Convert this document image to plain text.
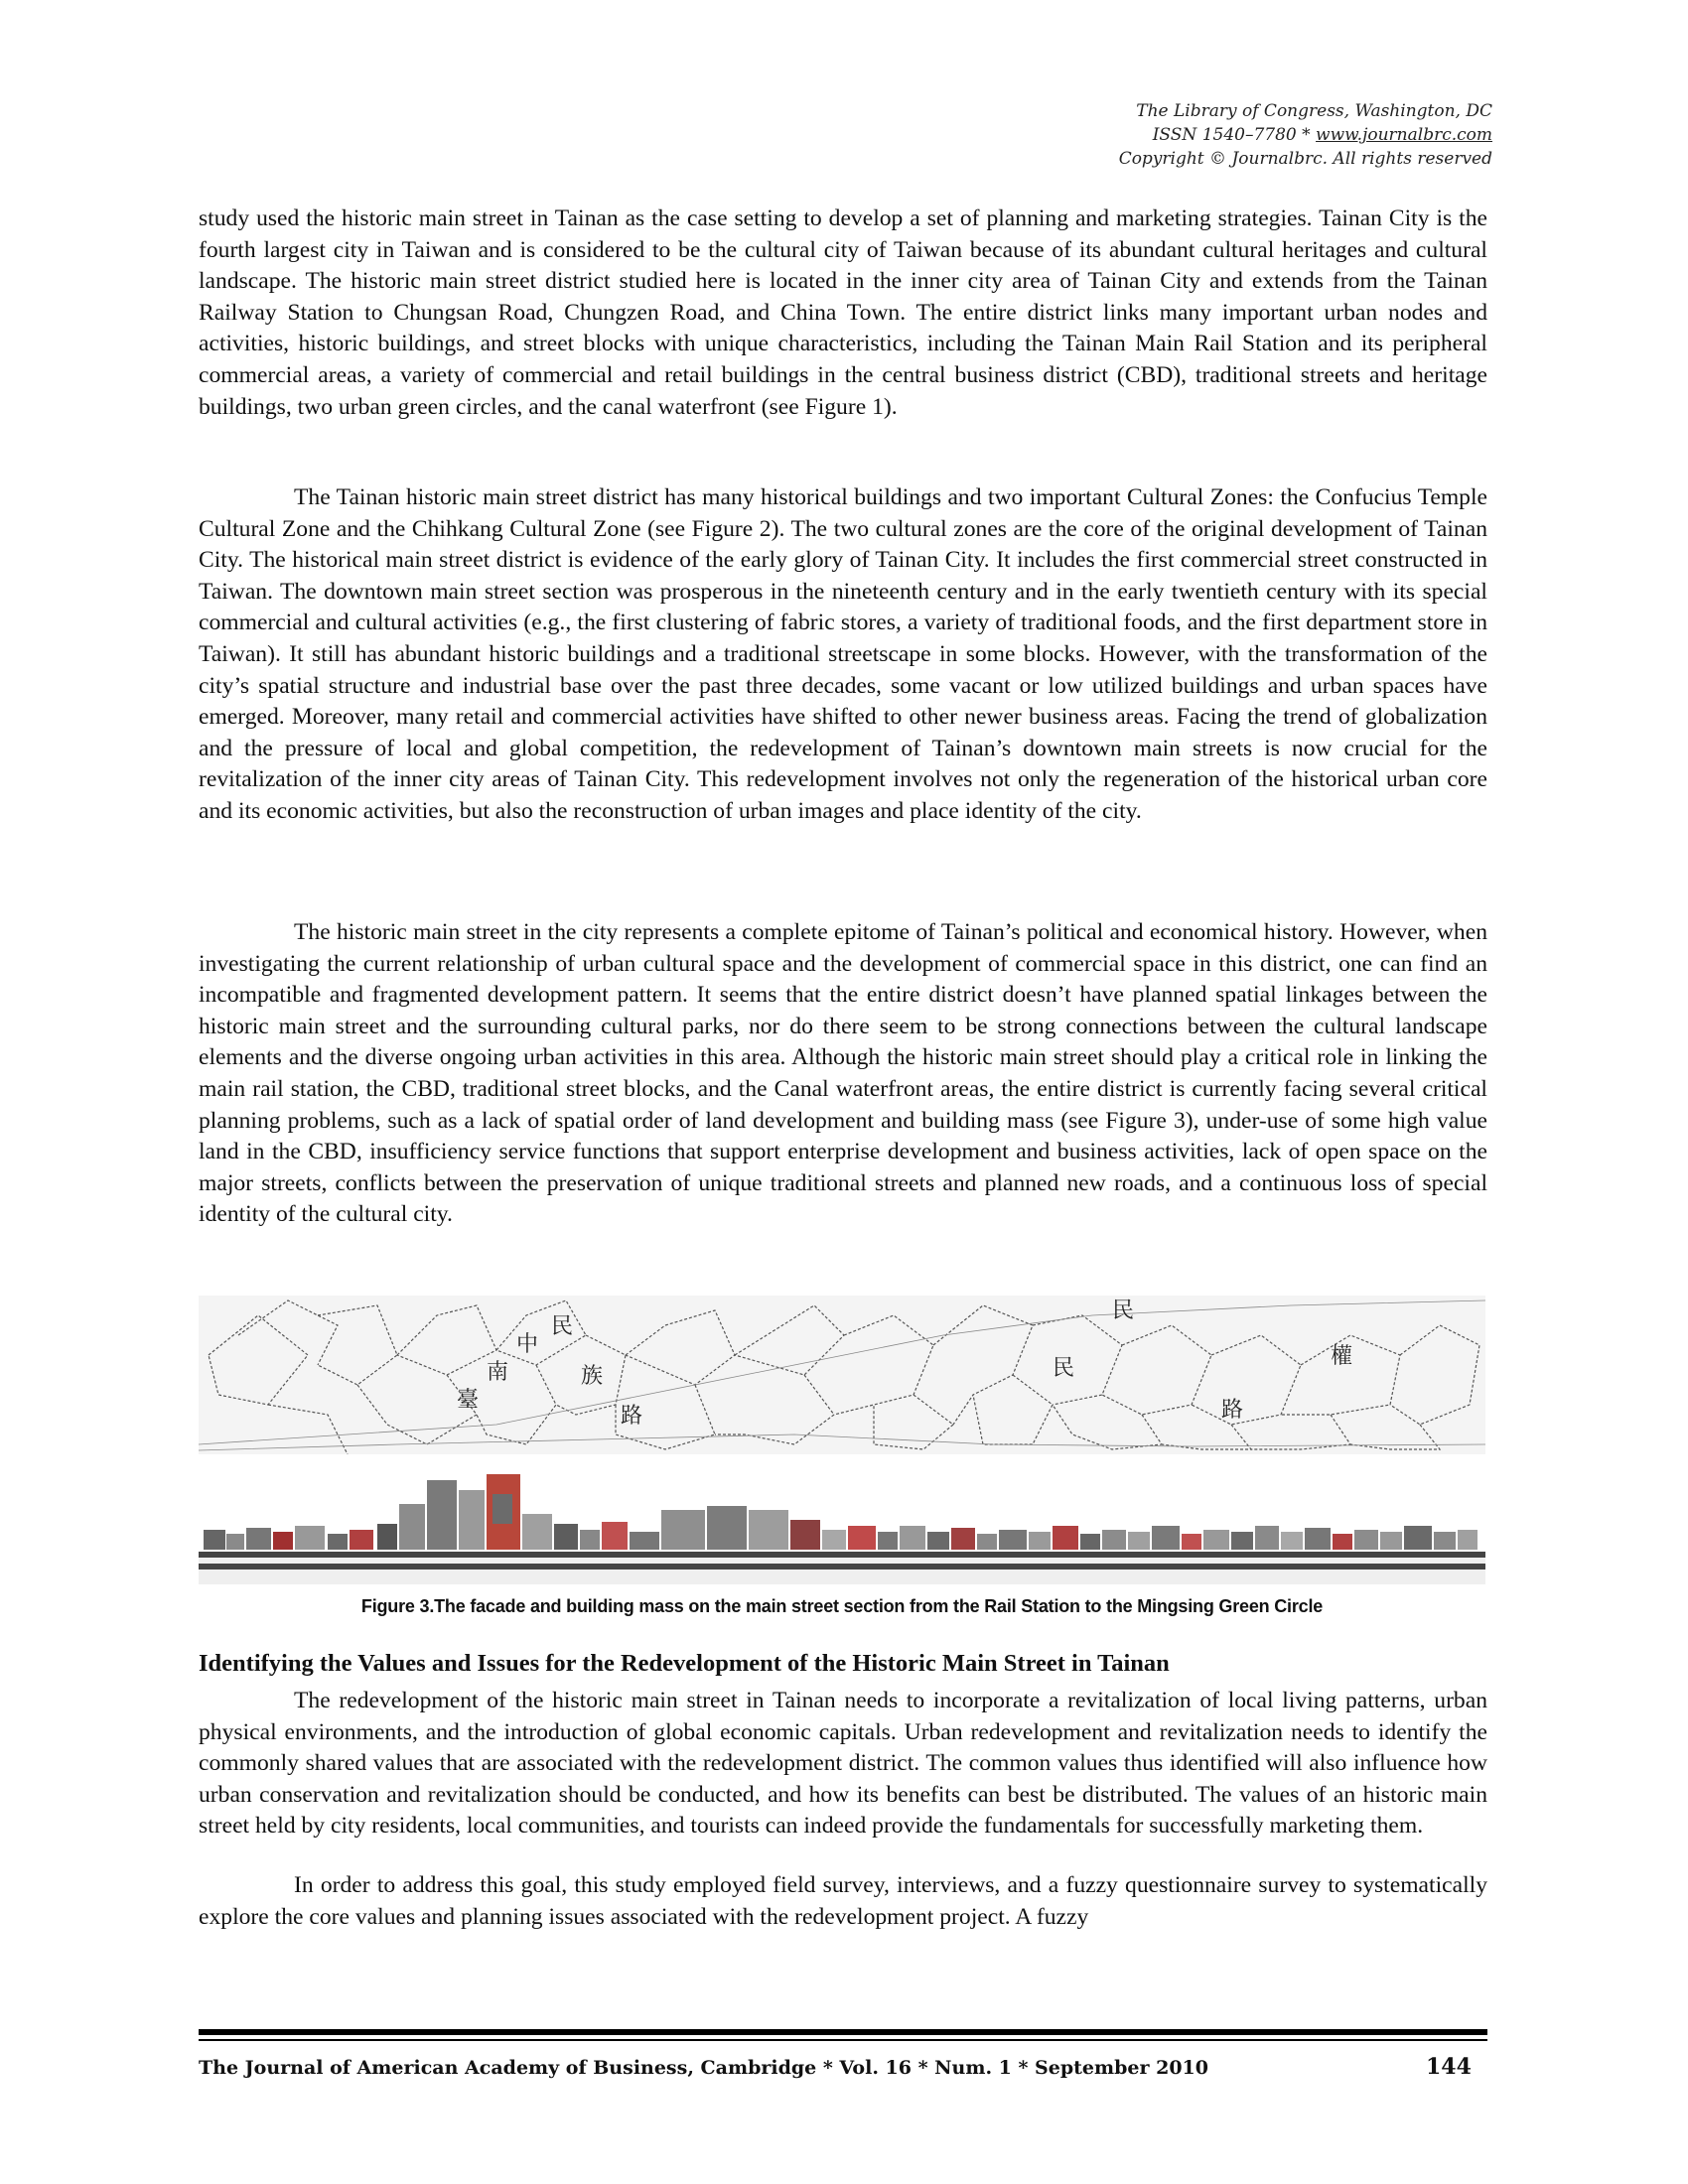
The Library of Congress, Washington, DC
ISSN 1540–7780 * www.journalbrc.com
Copyright © Journalbrc. All rights reserved

study used the historic main street in Tainan as the case setting to develop a set of planning and marketing strategies. Tainan City is the fourth largest city in Taiwan and is considered to be the cultural city of Taiwan because of its abundant cultural heritages and cultural landscape. The historic main street district studied here is located in the inner city area of Tainan City and extends from the Tainan Railway Station to Chungsan Road, Chungzen Road, and China Town. The entire district links many important urban nodes and activities, historic buildings, and street blocks with unique characteristics, including the Tainan Main Rail Station and its peripheral commercial areas, a variety of commercial and retail buildings in the central business district (CBD), traditional streets and heritage buildings, two urban green circles, and the canal waterfront (see Figure 1).

The Tainan historic main street district has many historical buildings and two important Cultural Zones: the Confucius Temple Cultural Zone and the Chihkang Cultural Zone (see Figure 2). The two cultural zones are the core of the original development of Tainan City. The historical main street district is evidence of the early glory of Tainan City. It includes the first commercial street constructed in Taiwan. The downtown main street section was prosperous in the nineteenth century and in the early twentieth century with its special commercial and cultural activities (e.g., the first clustering of fabric stores, a variety of traditional foods, and the first department store in Taiwan). It still has abundant historic buildings and a traditional streetscape in some blocks. However, with the transformation of the city’s spatial structure and industrial base over the past three decades, some vacant or low utilized buildings and urban spaces have emerged. Moreover, many retail and commercial activities have shifted to other newer business areas. Facing the trend of globalization and the pressure of local and global competition, the redevelopment of Tainan’s downtown main streets is now crucial for the revitalization of the inner city areas of Tainan City. This redevelopment involves not only the regeneration of the historical urban core and its economic activities, but also the reconstruction of urban images and place identity of the city.

The historic main street in the city represents a complete epitome of Tainan’s political and economical history. However, when investigating the current relationship of urban cultural space and the development of commercial space in this district, one can find an incompatible and fragmented development pattern. It seems that the entire district doesn’t have planned spatial linkages between the historic main street and the surrounding cultural parks, nor do there seem to be strong connections between the cultural landscape elements and the diverse ongoing urban activities in this area. Although the historic main street should play a critical role in linking the main rail station, the CBD, traditional street blocks, and the Canal waterfront areas, the entire district is currently facing several critical planning problems, such as a lack of spatial order of land development and building mass (see Figure 3), under-use of some high value land in the CBD, insufficiency service functions that support enterprise development and business activities, lack of open space on the major streets, conflicts between the preservation of unique traditional streets and planned new roads, and a continuous loss of special identity of the cultural city.

臺
南
中
民
族
路
民
權
民
路
Figure 3.The facade and building mass on the main street section from the Rail Station to the Mingsing Green Circle
Identifying the Values and Issues for the Redevelopment of the Historic Main Street in Tainan

The redevelopment of the historic main street in Tainan needs to incorporate a revitalization of local living patterns, urban physical environments, and the introduction of global economic capitals. Urban redevelopment and revitalization needs to identify the commonly shared values that are associated with the redevelopment district. The common values thus identified will also influence how urban conservation and revitalization should be conducted, and how its benefits can best be distributed. The values of an historic main street held by city residents, local communities, and tourists can indeed provide the fundamentals for successfully marketing them.

In order to address this goal, this study employed field survey, interviews, and a fuzzy questionnaire survey to systematically explore the core values and planning issues associated with the redevelopment project. A fuzzy

The Journal of American Academy of Business, Cambridge * Vol. 16 * Num. 1 * September 2010	144
